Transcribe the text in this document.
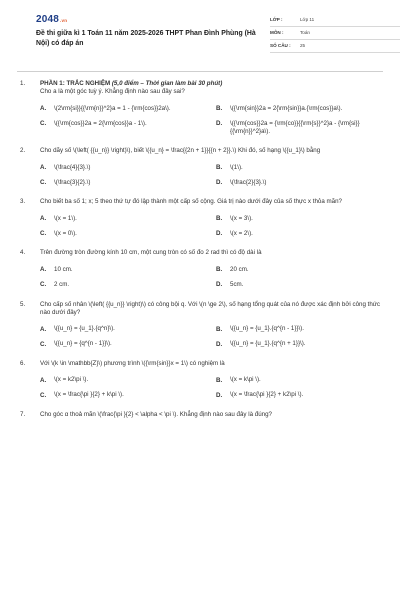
2048.vn
Đề thi giữa kì 1 Toán 11 năm 2025-2026 THPT Phan Đình Phùng (Hà Nội) có đáp án
LỚP :	Lớp 11
MÔN :	Toán
SỐ CÂU :	25
1.	PHẦN 1: TRẮC NGHIỆM (5,0 điểm – Thời gian làm bài 30 phút)
Cho a là một góc tuỳ ý. Khẳng định nào sau đây sai?
A.	\(2\rm{si}}{{\rm{n}}^2}a = 1 - {\rm{cos}}2a\).	B.	\({\rm{sin}}2a = 2{\rm{sin}}a.{\rm{cos}}a\).
C.	\({\rm{cos}}2a = 2{\rm{cos}}a - 1\).	D.	\({\rm{cos}}2a = {\rm{co}}{{\rm{s}}^2}a - {\rm{si}}{{\rm{n}}^2}a\).
2.	Cho dãy số \(\left( {{u_n}} \right)\), biết \({u_n} = \frac{{2n + 1}}{{n + 2}}.\) Khi đó, số hạng \({u_1}\) bằng
A.	\(\frac{4}{3}.\)	B.	\(1\).
C.	\(\frac{3}{2}.\)	D.	\(\frac{2}{3}.\)
3.	Cho biết ba số 1; x; 5 theo thứ tự đó lập thành một cấp số cộng. Giá trị nào dưới đây của số thực x thỏa mãn?
A.	\(x = 1\).	B.	\(x = 3\).
C.	\(x = 0\).	D.	\(x = 2\).
4.	Trên đường tròn đường kính 10 cm, một cung tròn có số đo 2 rad thì có độ dài là
A.	10 cm.	B.	20 cm.
C.	2 cm.	D.	5cm.
5.	Cho cấp số nhân \(\left( {{u_n}} \right)\) có công bội q. Với \(n \ge 2\), số hạng tổng quát của nó được xác định bởi công thức nào dưới đây?
A.	\({u_n} = {u_1}.{q^n}\).	B.	\({u_n} = {u_1}.{q^{n - 1}}\).
C.	\({u_n} = {q^{n - 1}}\).	D.	\({u_n} = {u_1}.{q^{n + 1}}\).
6.	Với \(k \in \mathbb{Z}\) phương trình \({\rm{sin}}x = 1\) có nghiệm là
A.	\(x = k2\pi \).	B.	\(x = k\pi \).
C.	\(x = \frac{\pi }{2} + k\pi \).	D.	\(x = \frac{\pi }{2} + k2\pi \).
7.	Cho góc α thoả mãn \(\frac{\pi }{2} < \alpha < \pi \). Khẳng định nào sau đây là đúng?
